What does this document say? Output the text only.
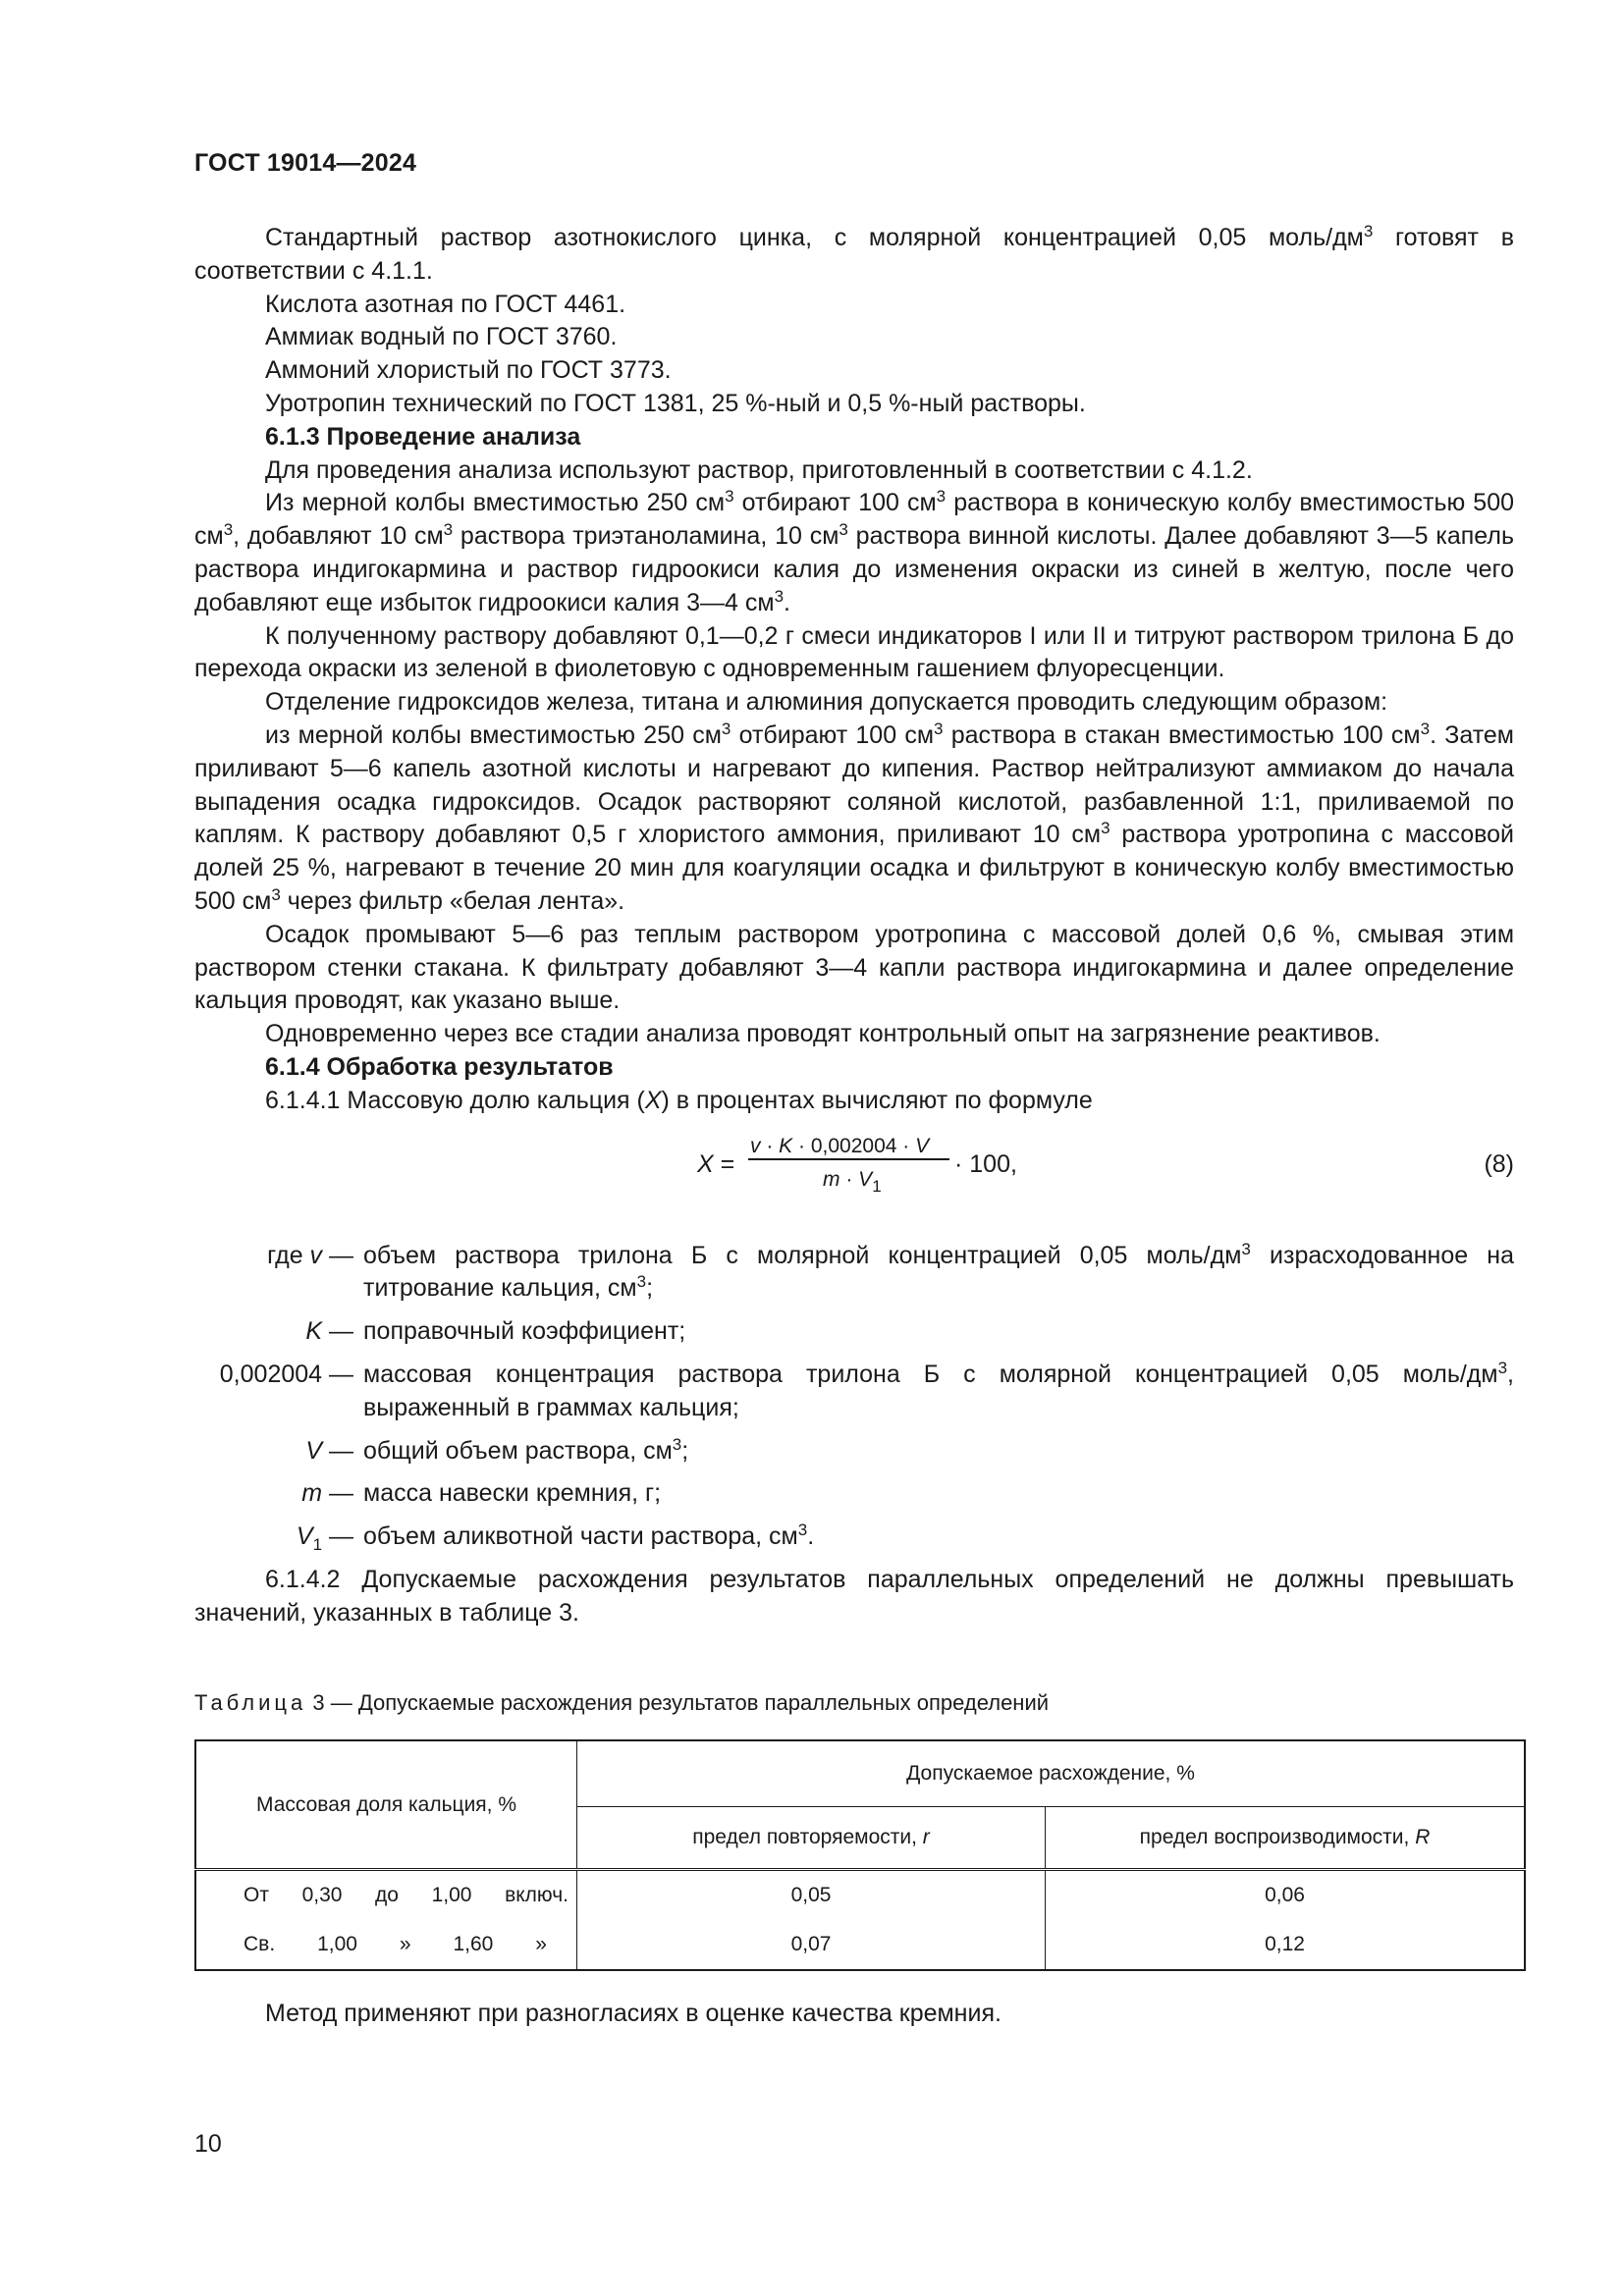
ГОСТ 19014—2024

Стандартный раствор азотнокислого цинка, с молярной концентрацией 0,05 моль/$дм^3$ готовят в соответствии с 4.1.1.

Кислота азотная по ГОСТ 4461.

Аммиак водный по ГОСТ 3760.

Аммоний хлористый по ГОСТ 3773.

Уротропин технический по ГОСТ 1381, 25 %-ный и 0,5 %-ный растворы.

6.1.3 Проведение анализа

Для проведения анализа используют раствор, приготовленный в соответствии с 4.1.2.

Из мерной колбы вместимостью 250 $см^3$ отбирают 100 $см^3$ раствора в коническую колбу вместимостью 500 $см^3$, добавляют 10 $см^3$ раствора триэтаноламина, 10 $см^3$ раствора винной кислоты. Далее добавляют 3—5 капель раствора индигокармина и раствор гидроокиси калия до изменения окраски из синей в желтую, после чего добавляют еще избыток гидроокиси калия 3—4 $см^3$.

К полученному раствору добавляют 0,1—0,2 г смеси индикаторов I или II и титруют раствором трилона Б до перехода окраски из зеленой в фиолетовую с одновременным гашением флуоресценции.

Отделение гидроксидов железа, титана и алюминия допускается проводить следующим образом:

из мерной колбы вместимостью 250 $см^3$ отбирают 100 $см^3$ раствора в стакан вместимостью 100 $см^3$. Затем приливают 5—6 капель азотной кислоты и нагревают до кипения. Раствор нейтрализуют аммиаком до начала выпадения осадка гидроксидов. Осадок растворяют соляной кислотой, разбавленной 1:1, приливаемой по каплям. К раствору добавляют 0,5 г хлористого аммония, приливают 10 $см^3$ раствора уротропина с массовой долей 25 %, нагревают в течение 20 мин для коагуляции осадка и фильтруют в коническую колбу вместимостью 500 $см^3$ через фильтр «белая лента».

Осадок промывают 5—6 раз теплым раствором уротропина с массовой долей 0,6 %, смывая этим раствором стенки стакана. К фильтрату добавляют 3—4 капли раствора индигокармина и далее определение кальция проводят, как указано выше.

Одновременно через все стадии анализа проводят контрольный опыт на загрязнение реактивов.

6.1.4 Обработка результатов

6.1.4.1 Массовую долю кальция (X) в процентах вычисляют по формуле

X =
v · K · 0,002004 · V
$m \cdot V_1$
· 100,	(8)
где v — объем раствора трилона Б с молярной концентрацией 0,05 моль/$дм^3$ израсходованное на титрование кальция, $см^3$;
K — поправочный коэффициент;
0,002004 — массовая концентрация раствора трилона Б с молярной концентрацией 0,05 моль/$дм^3$, выраженный в граммах кальция;
V — общий объем раствора, $см^3$;
m — масса навески кремния, г;
$V_1$ — объем аликвотной части раствора, $см^3$.

6.1.4.2 Допускаемые расхождения результатов параллельных определений не должны превышать значений, указанных в таблице 3.

Таблица 3 — Допускаемые расхождения результатов параллельных определений
Массовая доля кальция, %	Допускаемое расхождение, %	
	предел повторяемости, r	предел воспроизводимости, R

От 0,30 до 1,00 включ.	0,05	0,06

Св. 1,00 » 1,60 »	0,07	0,12
Метод применяют при разногласиях в оценке качества кремния.
10
